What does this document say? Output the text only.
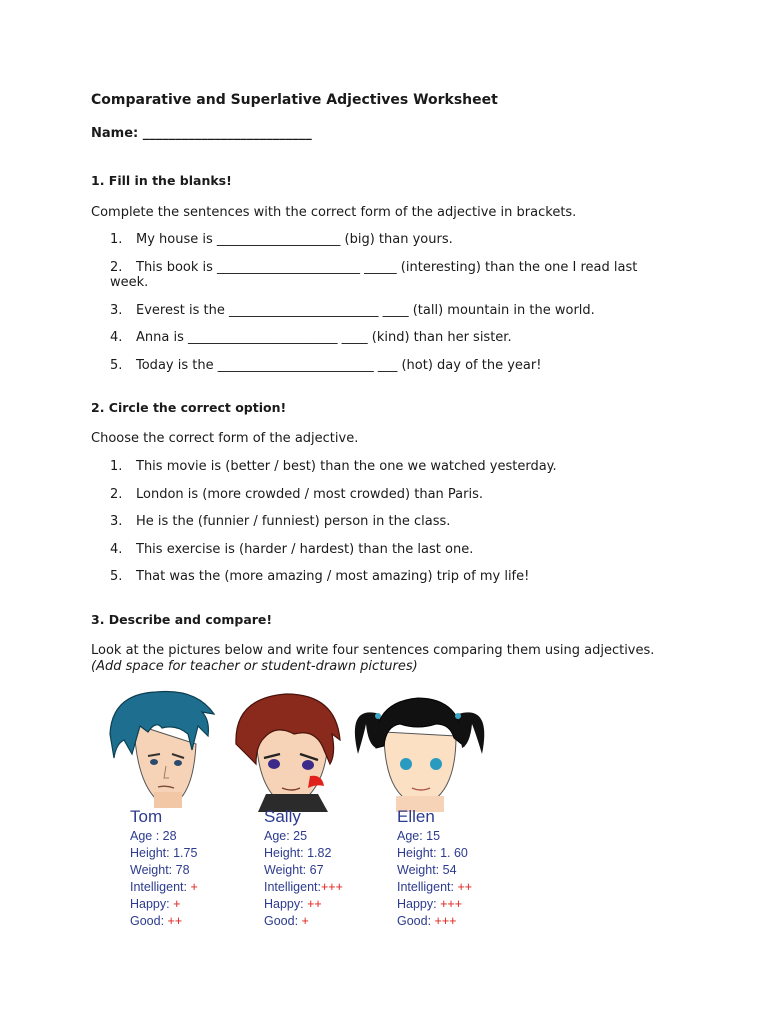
Comparative and Superlative Adjectives Worksheet
Name: __________________________
1. Fill in the blanks!
Complete the sentences with the correct form of the adjective in brackets.
1. My house is ___________________ (big) than yours.
2. This book is ______________________ _____ (interesting) than the one I read last week.
3. Everest is the _______________________ ____ (tall) mountain in the world.
4. Anna is _______________________ ____ (kind) than her sister.
5. Today is the ________________________ ___ (hot) day of the year!
2. Circle the correct option!
Choose the correct form of the adjective.
1. This movie is (better / best) than the one we watched yesterday.
2. London is (more crowded / most crowded) than Paris.
3. He is the (funnier / funniest) person in the class.
4. This exercise is (harder / hardest) than the last one.
5. That was the (more amazing / most amazing) trip of my life!
3. Describe and compare!
Look at the pictures below and write four sentences comparing them using adjectives.
(Add space for teacher or student-drawn pictures)
Tom
Age : 28
Height: 1.75
Weight: 78
Intelligent: +
Happy: +
Good: ++
Sally
Age: 25
Height: 1.82
Weight: 67
Intelligent:+++
Happy: ++
Good: +
Ellen
Age: 15
Height: 1. 60
Weight: 54
Intelligent: ++
Happy: +++
Good: +++
